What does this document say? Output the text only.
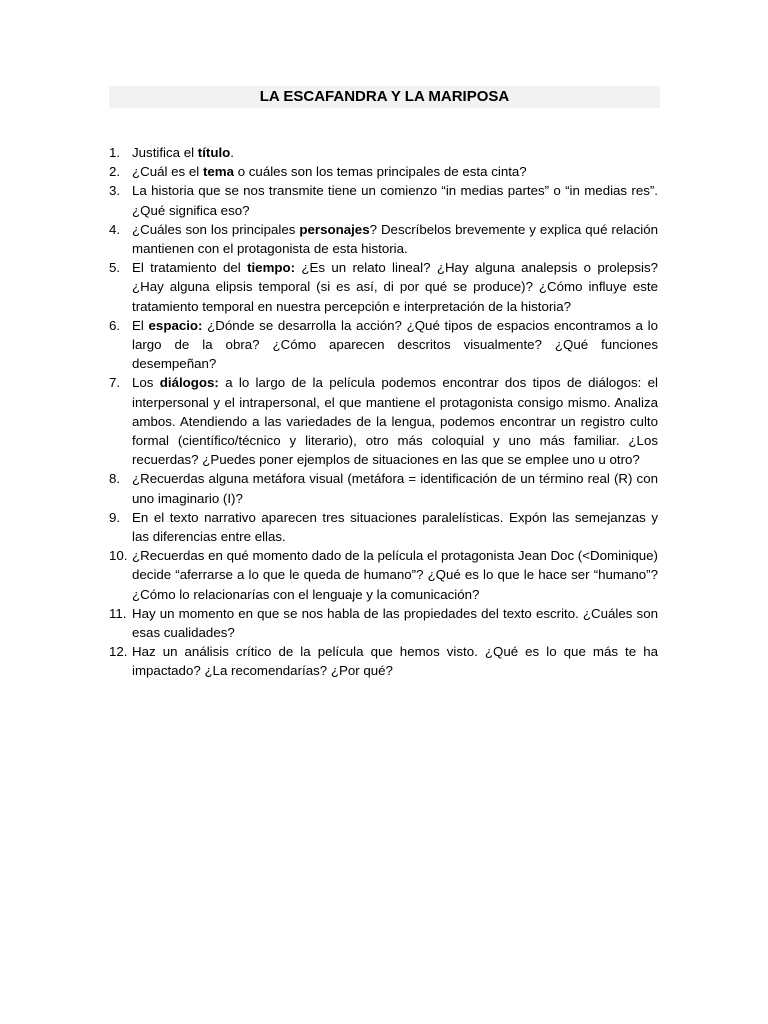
LA ESCAFANDRA Y LA MARIPOSA
1. Justifica el título.
2. ¿Cuál es el tema o cuáles son los temas principales de esta cinta?
3. La historia que se nos transmite tiene un comienzo “in medias partes” o “in medias res”. ¿Qué significa eso?
4. ¿Cuáles son los principales personajes? Descríbelos brevemente y explica qué relación mantienen con el protagonista de esta historia.
5. El tratamiento del tiempo: ¿Es un relato lineal? ¿Hay alguna analepsis o prolepsis? ¿Hay alguna elipsis temporal (si es así, di por qué se produce)? ¿Cómo influye este tratamiento temporal en nuestra percepción e interpretación de la historia?
6. El espacio: ¿Dónde se desarrolla la acción? ¿Qué tipos de espacios encontramos a lo largo de la obra? ¿Cómo aparecen descritos visualmente? ¿Qué funciones desempeñan?
7. Los diálogos: a lo largo de la película podemos encontrar dos tipos de diálogos: el interpersonal y el intrapersonal, el que mantiene el protagonista consigo mismo. Analiza ambos. Atendiendo a las variedades de la lengua, podemos encontrar un registro culto formal (científico/técnico y literario), otro más coloquial y uno más familiar. ¿Los recuerdas? ¿Puedes poner ejemplos de situaciones en las que se emplee uno u otro?
8. ¿Recuerdas alguna metáfora visual (metáfora = identificación de un término real (R) con uno imaginario (I)?
9. En el texto narrativo aparecen tres situaciones paralelísticas. Expón las semejanzas y las diferencias entre ellas.
10. ¿Recuerdas en qué momento dado de la película el protagonista Jean Doc (<Dominique) decide “aferrarse a lo que le queda de humano”? ¿Qué es lo que le hace ser “humano”? ¿Cómo lo relacionarías con el lenguaje y la comunicación?
11. Hay un momento en que se nos habla de las propiedades del texto escrito. ¿Cuáles son esas cualidades?
12. Haz un análisis crítico de la película que hemos visto. ¿Qué es lo que más te ha impactado? ¿La recomendarías? ¿Por qué?
